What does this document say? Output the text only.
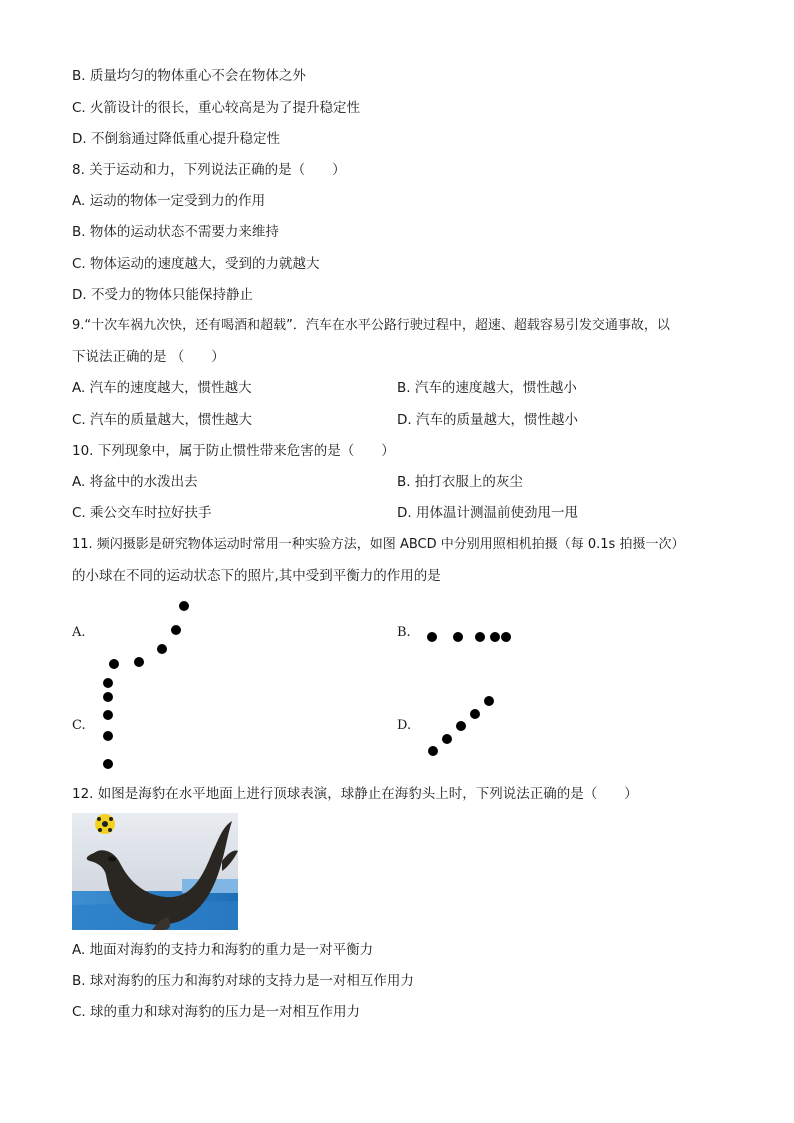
B. 质量均匀的物体重心不会在物体之外
C. 火箭设计的很长，重心较高是为了提升稳定性
D. 不倒翁通过降低重心提升稳定性
8. 关于运动和力，下列说法正确的是（　　）
A. 运动的物体一定受到力的作用
B. 物体的运动状态不需要力来维持
C. 物体运动的速度越大，受到的力就越大
D. 不受力的物体只能保持静止
9.“十次车祸九次快，还有喝酒和超载”．汽车在水平公路行驶过程中，超速、超载容易引发交通事故，以
下说法正确的是 （　　）
A. 汽车的速度越大，惯性越大	B. 汽车的速度越大，惯性越小
C. 汽车的质量越大，惯性越大	D. 汽车的质量越大，惯性越小
10. 下列现象中，属于防止惯性带来危害的是（　　）
A. 将盆中的水泼出去	B. 拍打衣服上的灰尘
C. 乘公交车时拉好扶手	D. 用体温计测温前使劲甩一甩
11. 频闪摄影是研究物体运动时常用一种实验方法，如图 ABCD 中分别用照相机拍摄（每 0.1s 拍摄一次）
的小球在不同的运动状态下的照片,其中受到平衡力的作用的是
A.	B.
C.	D.
12. 如图是海豹在水平地面上进行顶球表演，球静止在海豹头上时，下列说法正确的是（　　）
A. 地面对海豹的支持力和海豹的重力是一对平衡力
B. 球对海豹的压力和海豹对球的支持力是一对相互作用力
C. 球的重力和球对海豹的压力是一对相互作用力
